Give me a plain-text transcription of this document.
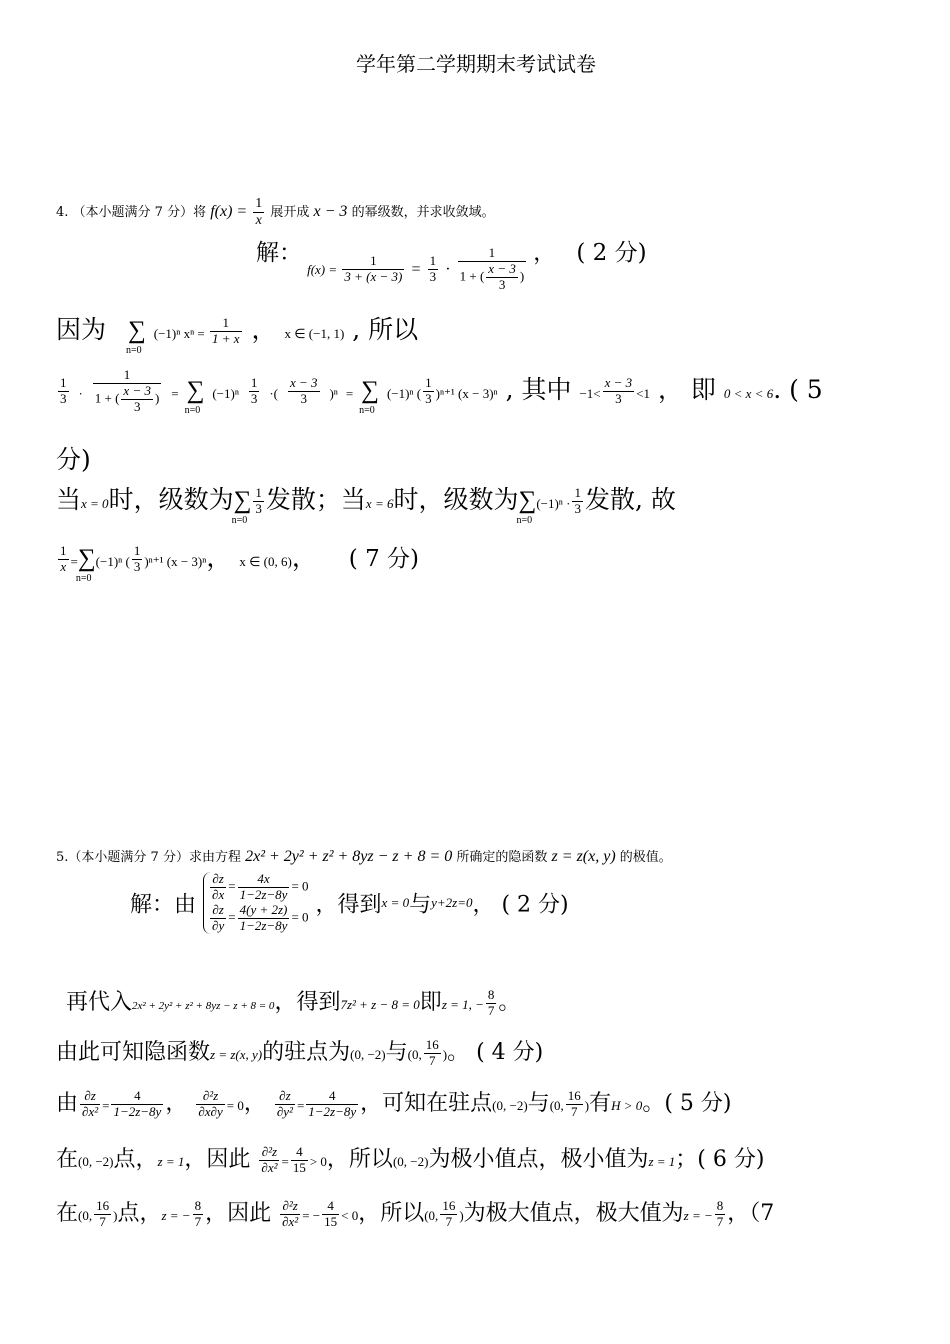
学年第二学期期末考试试卷
4. （本小题满分 7 分）将 $f(x) = \frac{1}{x}$ 展开成 x − 3 的幂级数，并求收敛域。
解： $f(x) = \frac{1}{3 + (x - 3)} = \frac{1}{3} \cdot \frac{1}{1 + ( \frac{x - 3}{3} )}$ ， ( 2 分)
因为 ∑
n=0
(−1)ⁿ $x^n = \frac{1}{1 + x}$ ， x ∈ (−1, 1) , 所以
$\frac{1}{3} \cdot \frac{1}{1 + ( \frac{x - 3}{3} )}$ = ∑
n=0
$(-1)^n \frac{1}{3}$ ·( $\frac{x - 3}{3} )^n$ = ∑
n=0
(−1)ⁿ ( $\frac{1}{3} )^{n+1}$ (x − 3)ⁿ , 其中 $-1< \frac{x - 3}{3} <1$ ， 即 0 < x < 6. ( 5
分)
当x = 0时，级数为∑
n=0
$\frac{1}{3}$ 发散；当x = 6时，级数为∑
n=0
$(-1)^n \cdot \frac{1}{3}$ 发散, 故
$\frac{1}{x}$ =∑
n=0
(−1)ⁿ ( $\frac{1}{3} )^{n+1}$ (x − 3)ⁿ， x ∈ (0, 6)， ( 7 分)
5.（本小题满分 7 分）求由方程 2x² + 2y² + z² + 8yz − z + 8 = 0 所确定的隐函数 z = z(x, y) 的极值。
解：由
$\frac{\partial z}{\partial x} = \frac{4x}{1-2z-8y} = 0$
$\frac{\partial z}{\partial y} = \frac{4(y + 2z)}{1-2z-8y} = 0$ ，得到x = 0与y+2z=0， ( 2 分)
再代入2x² + 2y² + z² + 8yz − z + 8 = 0，得到7z² + z − 8 = 0即z = 1, − $\frac{8}{7}$ 。
由此可知隐函数z = z(x, y)的驻点为(0, −2)与(0, $\frac{16}{7}$ )。 ( 4 分)
由 $\frac{\partial z}{\text{∂x²}} = \frac{4}{1-2z-8y}$ ， $\frac{\text{∂²z}}{\partial x\partial y} = 0$， $\frac{\partial z}{\text{∂y²}} = \frac{4}{1-2z-8y}$ ，可知在驻点(0, −2)与(0, $\frac{16}{7}$ )有H > 0。( 5 分)
在(0, −2)点，z = 1，因此 $\frac{\text{∂²z}}{\text{∂x²}} = \frac{4}{15} > 0$，所以(0, −2)为极小值点，极小值为z = 1；( 6 分)
在(0, $\frac{16}{7}$ )点，z = − $\frac{8}{7}$ ，因此 $\frac{\text{∂²z}}{\text{∂x²}}$ = − $\frac{4}{15} < 0$，所以(0, $\frac{16}{7}$ )为极大值点，极大值为z = − $\frac{8}{7}$ ，（7
